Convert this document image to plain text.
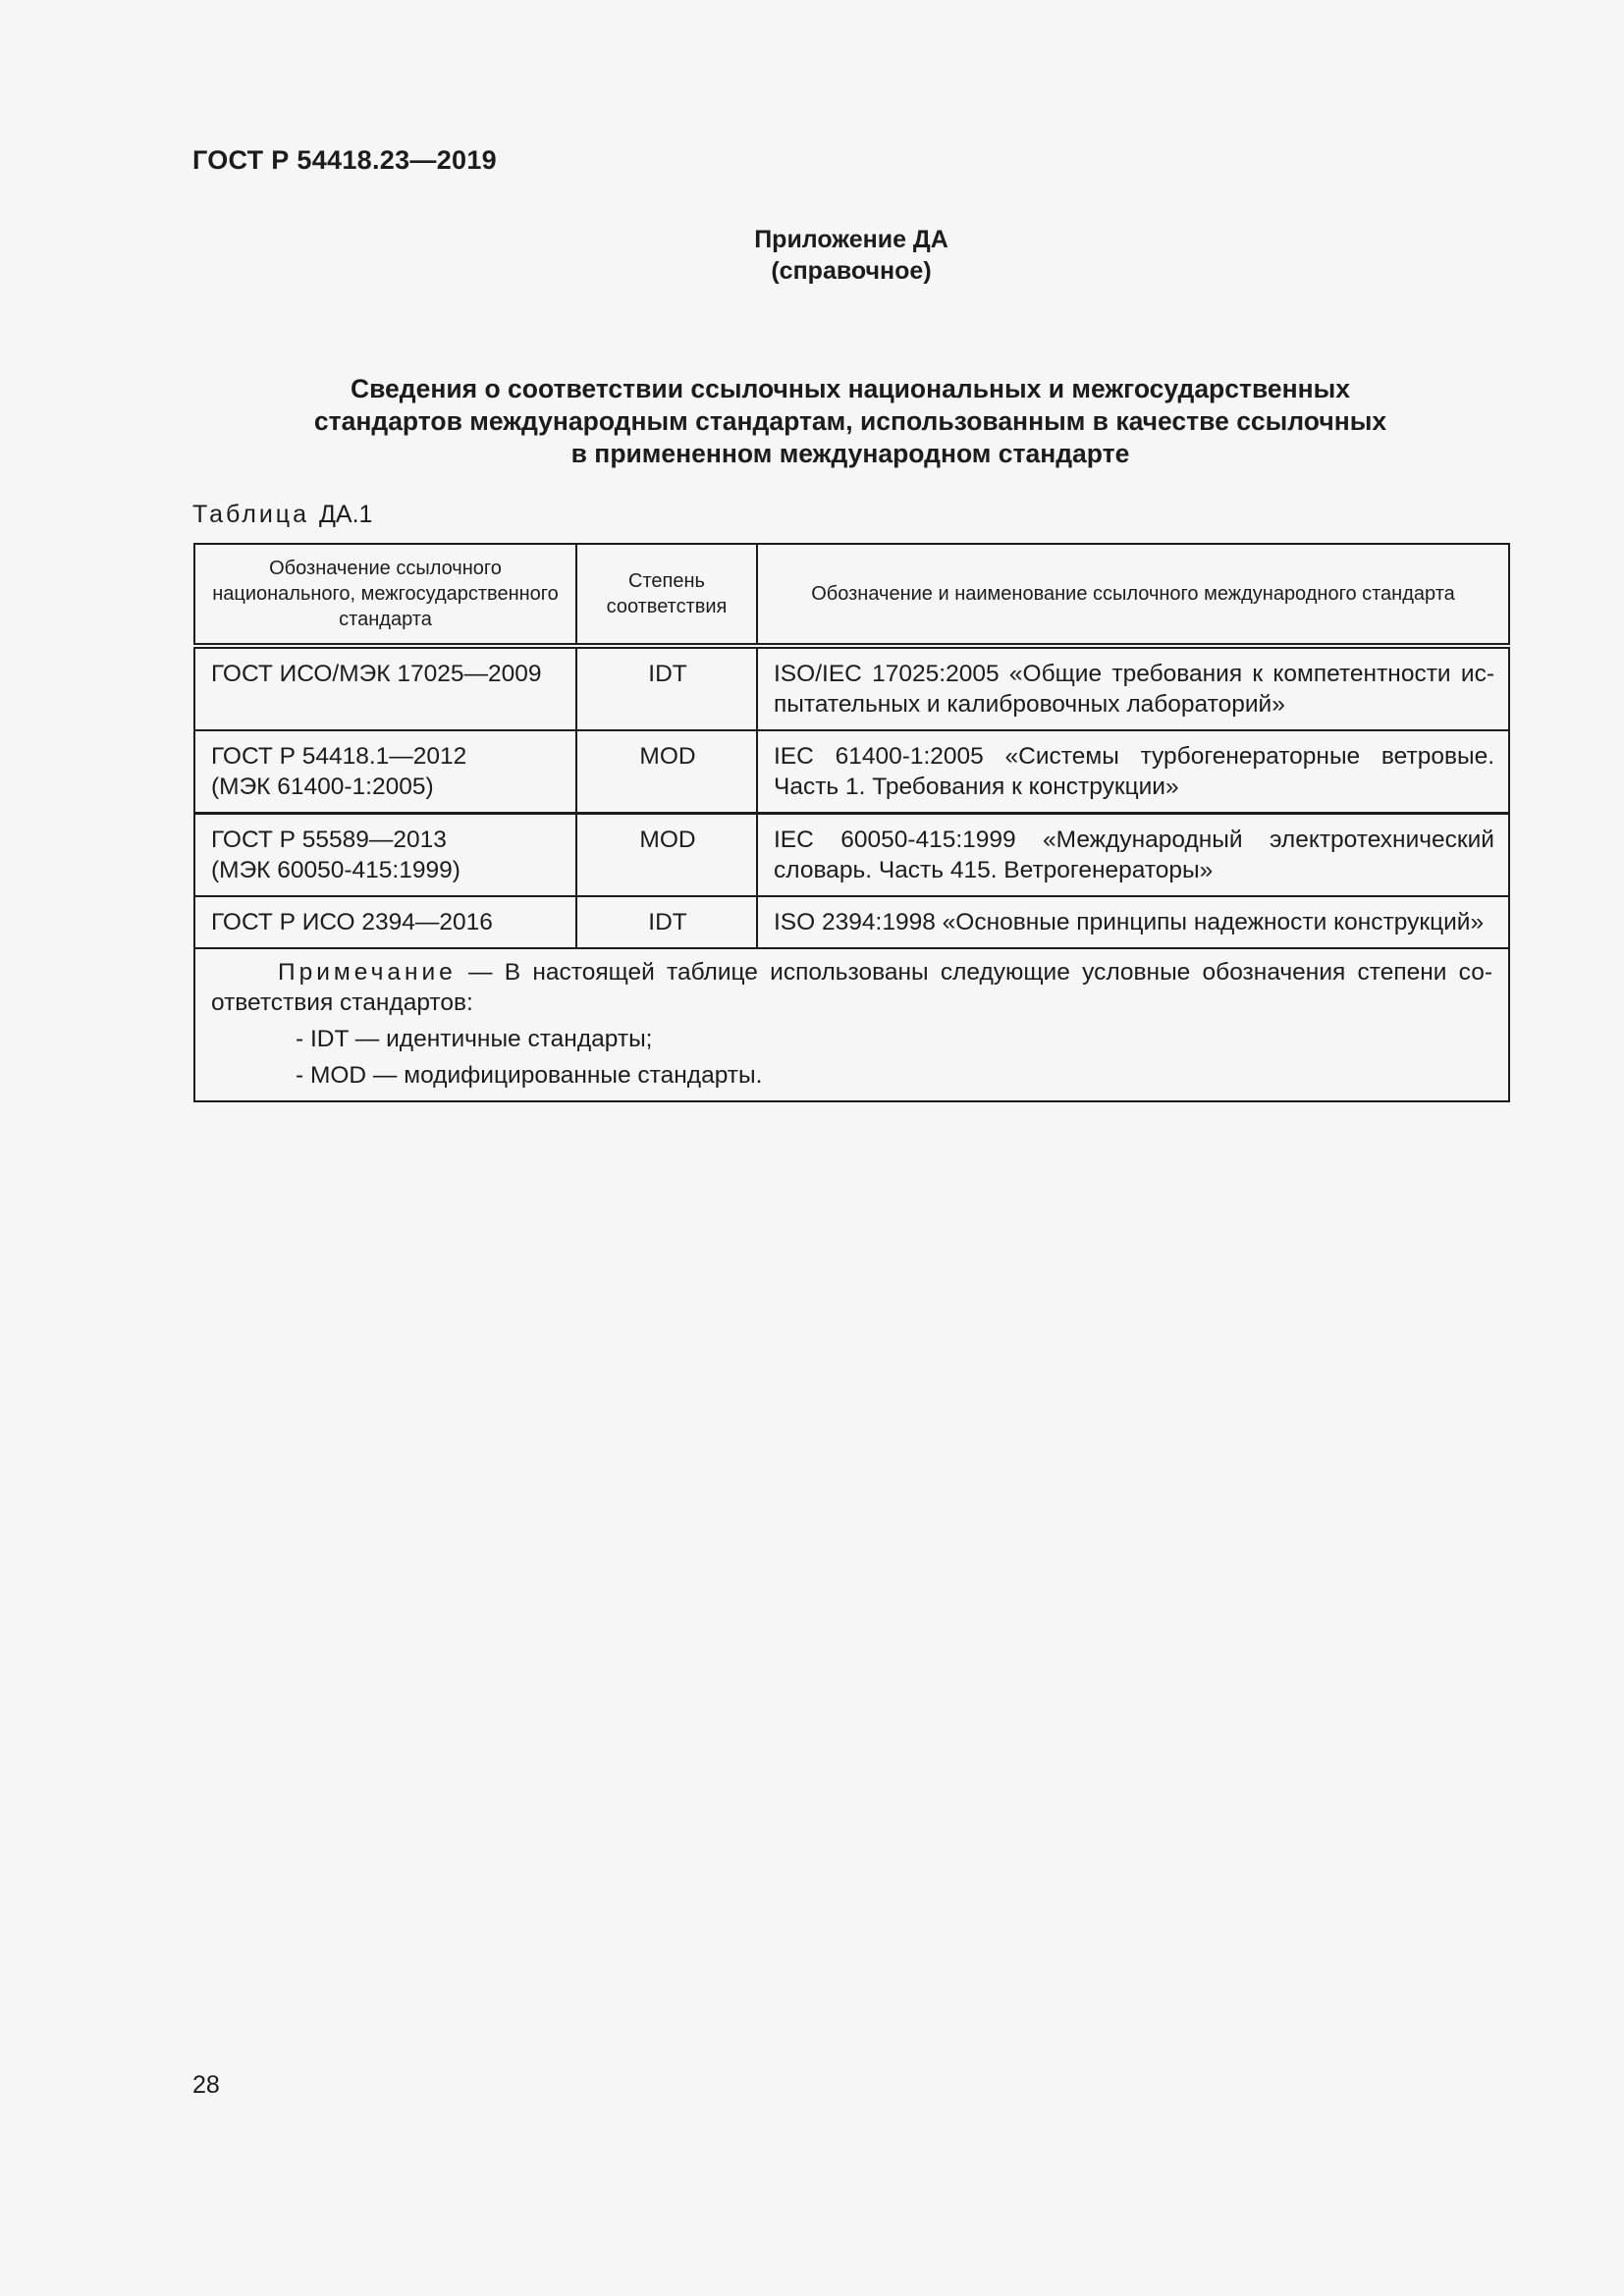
ГОСТ Р 54418.23—2019
Приложение ДА
(справочное)
Сведения о соответствии ссылочных национальных и межгосударственных
стандартов международным стандартам, использованным в качестве ссылочных
в примененном международном стандарте
Таблица ДА.1
Обозначение ссылочного национального, межгосударственного стандарта	Степень соответствия	Обозначение и наименование ссылочного международного стандарта

ГОСТ ИСО/МЭК 17025—2009	IDT	ISO/IEC 17025:2005 «Общие требования к компетентности ис-пытательных и калибровочных лабораторий»

ГОСТ Р 54418.1—2012
(МЭК 61400-1:2005)	MOD	IEC 61400-1:2005 «Системы турбогенераторные ветровые. Часть 1. Требования к конструкции»

ГОСТ Р 55589—2013
(МЭК 60050-415:1999)	MOD	IEC 60050-415:1999 «Международный электротехнический словарь. Часть 415. Ветрогенераторы»

ГОСТ Р ИСО 2394—2016	IDT	ISO 2394:1998 «Основные принципы надежности конструкций»

Примечание — В настоящей таблице использованы следующие условные обозначения степени со-ответствия стандартов:
- IDT — идентичные стандарты;
- MOD — модифицированные стандарты.		
28
